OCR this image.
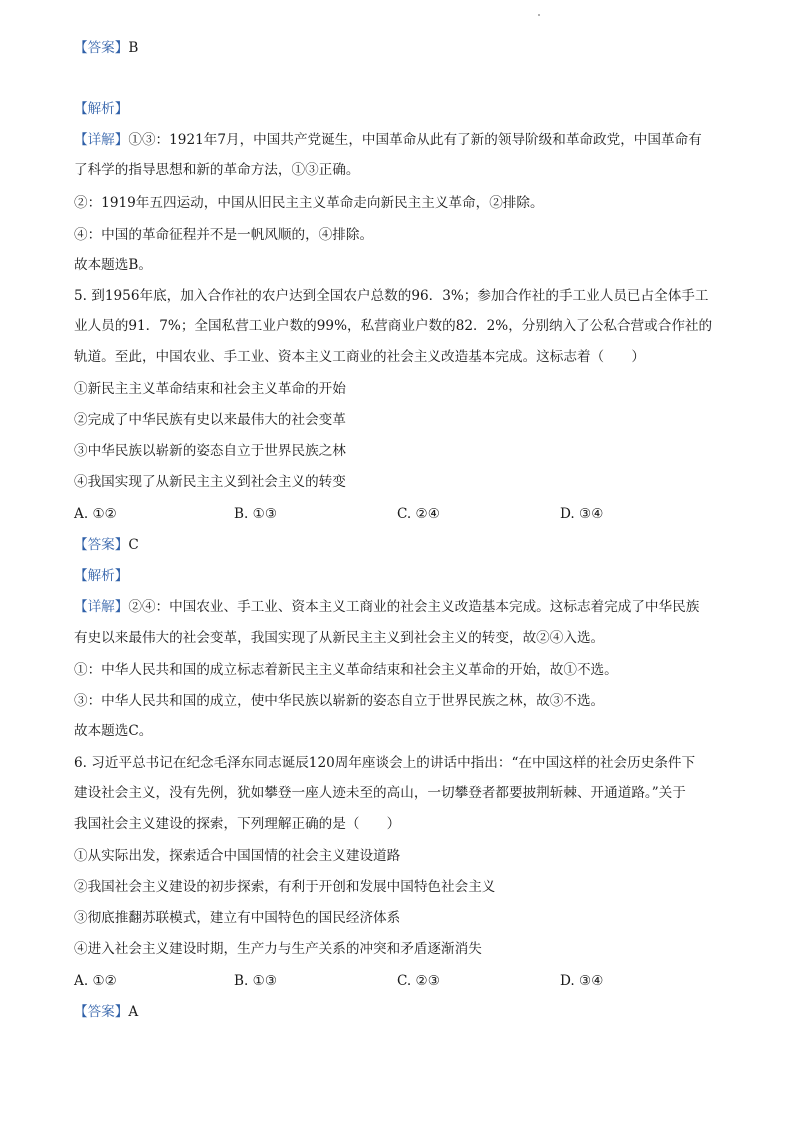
【答案】B
【解析】
【详解】①③：1921年7月，中国共产党诞生，中国革命从此有了新的领导阶级和革命政党，中国革命有
了科学的指导思想和新的革命方法，①③正确。
②：1919年五四运动，中国从旧民主主义革命走向新民主主义革命，②排除。
④：中国的革命征程并不是一帆风顺的，④排除。
故本题选B。
5. 到1956年底，加入合作社的农户达到全国农户总数的96．3%；参加合作社的手工业人员已占全体手工
业人员的91．7%；全国私营工业户数的99%，私营商业户数的82．2%，分别纳入了公私合营或合作社的
轨道。至此，中国农业、手工业、资本主义工商业的社会主义改造基本完成。这标志着（　　）
①新民主主义革命结束和社会主义革命的开始
②完成了中华民族有史以来最伟大的社会变革
③中华民族以崭新的姿态自立于世界民族之林
④我国实现了从新民主主义到社会主义的转变
A. ①②	B. ①③	C. ②④	D. ③④
【答案】C
【解析】
【详解】②④：中国农业、手工业、资本主义工商业的社会主义改造基本完成。这标志着完成了中华民族
有史以来最伟大的社会变革，我国实现了从新民主主义到社会主义的转变，故②④入选。
①：中华人民共和国的成立标志着新民主主义革命结束和社会主义革命的开始，故①不选。
③：中华人民共和国的成立，使中华民族以崭新的姿态自立于世界民族之林，故③不选。
故本题选C。
6. 习近平总书记在纪念毛泽东同志诞辰120周年座谈会上的讲话中指出：“在中国这样的社会历史条件下
建设社会主义，没有先例，犹如攀登一座人迹未至的高山，一切攀登者都要披荆斩棘、开通道路。”关于
我国社会主义建设的探索，下列理解正确的是（　　）
①从实际出发，探索适合中国国情的社会主义建设道路
②我国社会主义建设的初步探索，有利于开创和发展中国特色社会主义
③彻底推翻苏联模式，建立有中国特色的国民经济体系
④进入社会主义建设时期，生产力与生产关系的冲突和矛盾逐渐消失
A. ①②	B. ①③	C. ②③	D. ③④
【答案】A
